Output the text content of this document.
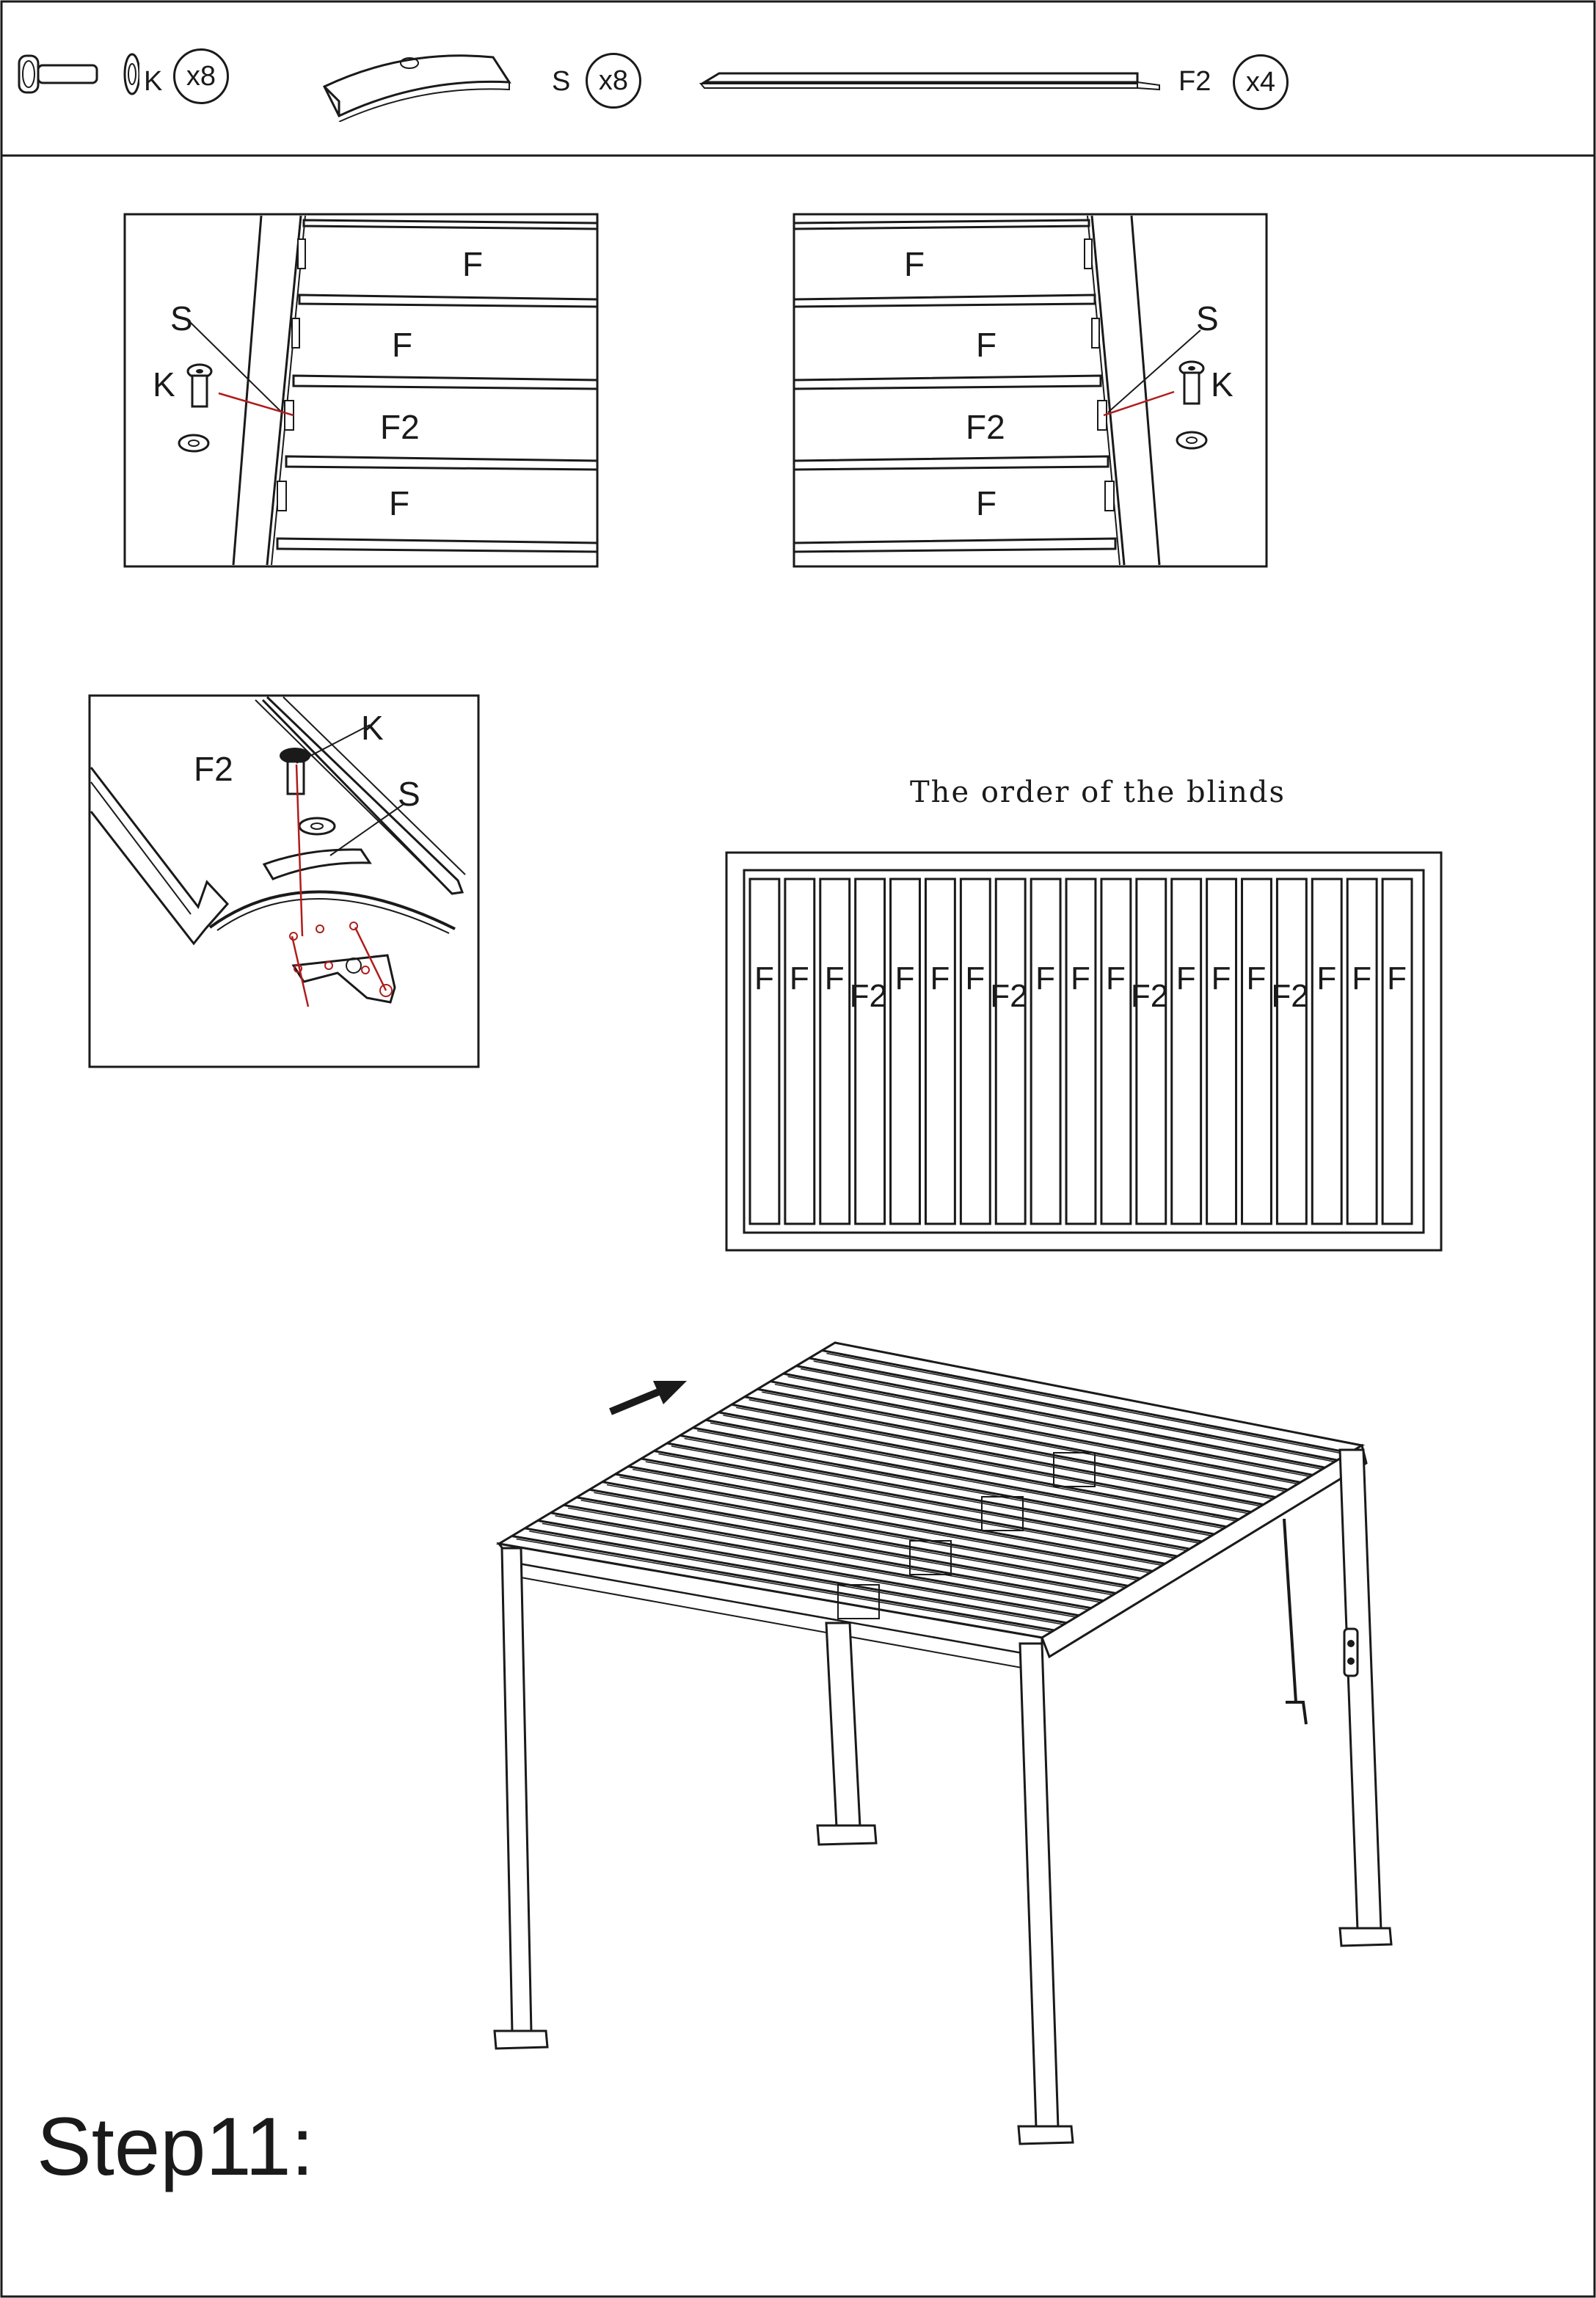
K x8	S	x8	F2	x4
F
F
F2
F
S
K
F
F
F2
F
S
K
F2
K
S	The order of the blinds
F F F F2 F F F F2 F F F F2 F F F F2 F F F
Step11:
